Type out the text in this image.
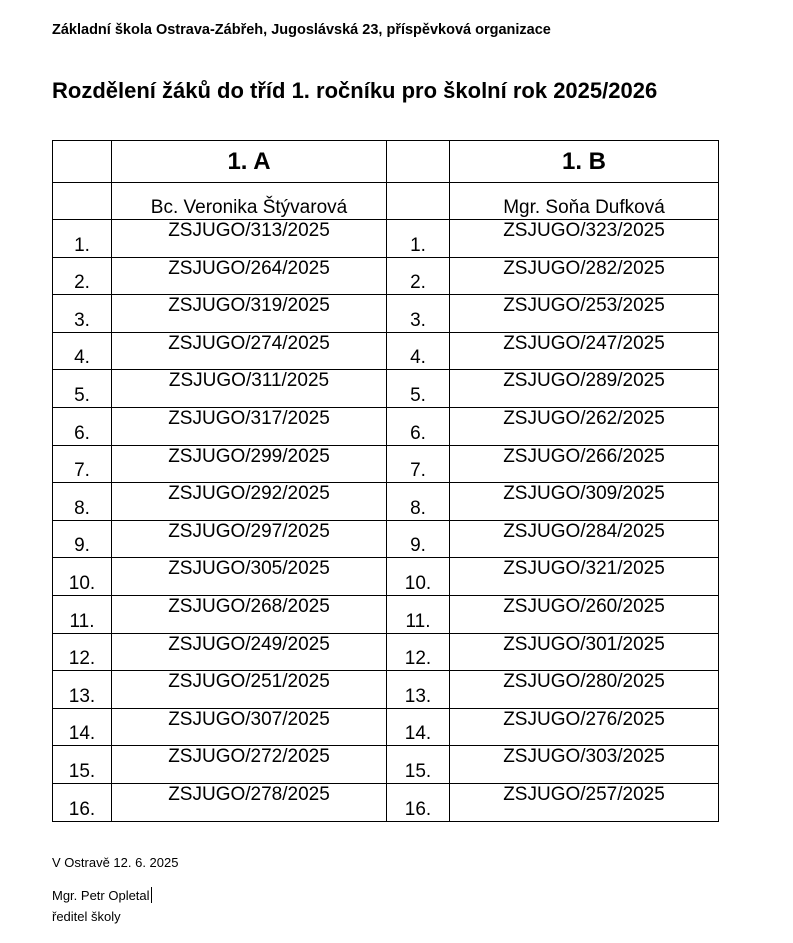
Základní škola Ostrava-Zábřeh, Jugoslávská 23, příspěvková organizace
Rozdělení žáků do tříd 1. ročníku pro školní rok 2025/2026
	1. A		1. B
	Bc. Veronika Štývarová		Mgr. Soňa Dufková
1.	ZSJUGO/313/2025	1.	ZSJUGO/323/2025
2.	ZSJUGO/264/2025	2.	ZSJUGO/282/2025
3.	ZSJUGO/319/2025	3.	ZSJUGO/253/2025
4.	ZSJUGO/274/2025	4.	ZSJUGO/247/2025
5.	ZSJUGO/311/2025	5.	ZSJUGO/289/2025
6.	ZSJUGO/317/2025	6.	ZSJUGO/262/2025
7.	ZSJUGO/299/2025	7.	ZSJUGO/266/2025
8.	ZSJUGO/292/2025	8.	ZSJUGO/309/2025
9.	ZSJUGO/297/2025	9.	ZSJUGO/284/2025
10.	ZSJUGO/305/2025	10.	ZSJUGO/321/2025
11.	ZSJUGO/268/2025	11.	ZSJUGO/260/2025
12.	ZSJUGO/249/2025	12.	ZSJUGO/301/2025
13.	ZSJUGO/251/2025	13.	ZSJUGO/280/2025
14.	ZSJUGO/307/2025	14.	ZSJUGO/276/2025
15.	ZSJUGO/272/2025	15.	ZSJUGO/303/2025
16.	ZSJUGO/278/2025	16.	ZSJUGO/257/2025
V Ostravě 12. 6. 2025
Mgr. Petr Opletal
ředitel školy
